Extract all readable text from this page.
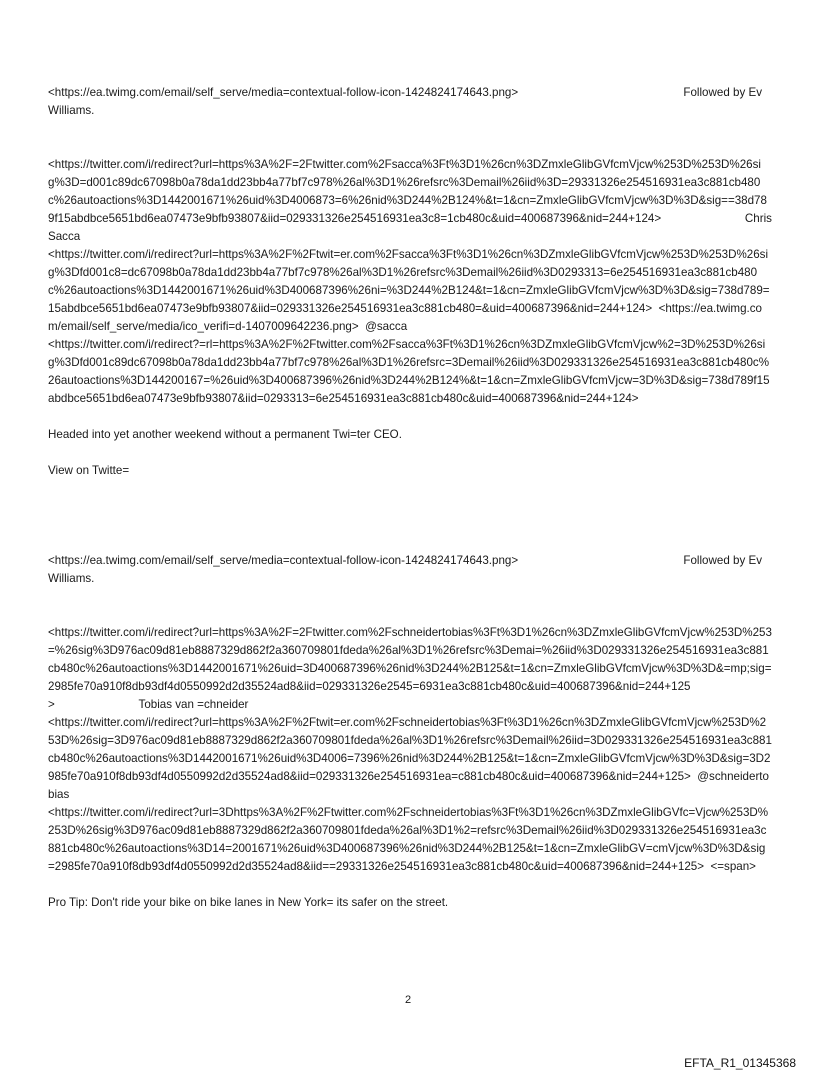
<https://ea.twimg.com/email/self_serve/media=contextual-follow-icon-1424824174643.png>	Followed by Ev

Williams.

<https://twitter.com/i/redirect?url=https%3A%2F=2Ftwitter.com%2Fsacca%3Ft%3D1%26cn%3DZmxleGlibGVfcmVjcw%253D%253D%26sig%3D=d001c89dc67098b0a78da1dd23bb4a77bf7c978%26al%3D1%26refsrc%3Demail%26iid%3D=29331326e254516931ea3c881cb480c%26autoactions%3D1442001671%26uid%3D4006873=6%26nid%3D244%2B124%&t=1&cn=ZmxleGlibGVfcmVjcw%3D%3D&sig==38d789f15abdbce5651bd6ea07473e9bfb93807&iid=029331326e254516931ea3c8=1cb480c&uid=400687396&nid=244+124>	Chris Sacca

<https://twitter.com/i/redirect?url=https%3A%2F%2Ftwit=er.com%2Fsacca%3Ft%3D1%26cn%3DZmxleGlibGVfcmVjcw%253D%253D%26sig%3Dfd001c8=dc67098b0a78da1dd23bb4a77bf7c978%26al%3D1%26refsrc%3Demail%26iid%3D0293313=6e254516931ea3c881cb480c%26autoactions%3D1442001671%26uid%3D400687396%26ni=%3D244%2B124&t=1&cn=ZmxleGlibGVfcmVjcw%3D%3D&sig=738d789=15abdbce5651bd6ea07473e9bfb93807&iid=029331326e254516931ea3c881cb480=&uid=400687396&nid=244+124> <https://ea.twimg.com/email/self_serve/media/ico_verifi=d-1407009642236.png> @sacca

<https://twitter.com/i/redirect?=rl=https%3A%2F%2Ftwitter.com%2Fsacca%3Ft%3D1%26cn%3DZmxleGlibGVfcmVjcw%2=3D%253D%26sig%3Dfd001c89dc67098b0a78da1dd23bb4a77bf7c978%26al%3D1%26refsrc=3Demail%26iid%3D029331326e254516931ea3c881cb480c%26autoactions%3D144200167=%26uid%3D400687396%26nid%3D244%2B124%&t=1&cn=ZmxleGlibGVfcmVjcw=3D%3D&sig=738d789f15abdbce5651bd6ea07473e9bfb93807&iid=0293313=6e254516931ea3c881cb480c&uid=400687396&nid=244+124>

Headed into yet another weekend without a permanent Twi=ter CEO.

View on Twitte=

<https://ea.twimg.com/email/self_serve/media=contextual-follow-icon-1424824174643.png>	Followed by Ev

Williams.

<https://twitter.com/i/redirect?url=https%3A%2F=2Ftwitter.com%2Fschneidertobias%3Ft%3D1%26cn%3DZmxleGlibGVfcmVjcw%253D%253=%26sig%3D976ac09d81eb8887329d862f2a360709801fdeda%26al%3D1%26refsrc%3Demai=%26iid%3D029331326e254516931ea3c881cb480c%26autoactions%3D1442001671%26uid=3D400687396%26nid%3D244%2B125&t=1&cn=ZmxleGlibGVfcmVjcw%3D%3D&=mp;sig=2985fe70a910f8db93df4d0550992d2d35524ad8&iid=029331326e2545=6931ea3c881cb480c&uid=400687396&nid=244+125>	Tobias van =chneider

<https://twitter.com/i/redirect?url=https%3A%2F%2Ftwit=er.com%2Fschneidertobias%3Ft%3D1%26cn%3DZmxleGlibGVfcmVjcw%253D%253D%26sig=3D976ac09d81eb8887329d862f2a360709801fdeda%26al%3D1%26refsrc%3Demail%26iid=3D029331326e254516931ea3c881cb480c%26autoactions%3D1442001671%26uid%3D4006=7396%26nid%3D244%2B125&t=1&cn=ZmxleGlibGVfcmVjcw%3D%3D&sig=3D2985fe70a910f8db93df4d0550992d2d35524ad8&iid=029331326e254516931ea=c881cb480c&uid=400687396&nid=244+125> @schneidertobias

<https://twitter.com/i/redirect?url=3Dhttps%3A%2F%2Ftwitter.com%2Fschneidertobias%3Ft%3D1%26cn%3DZmxleGlibGVfc=Vjcw%253D%253D%26sig%3D976ac09d81eb8887329d862f2a360709801fdeda%26al%3D1%2=refsrc%3Demail%26iid%3D029331326e254516931ea3c881cb480c%26autoactions%3D14=2001671%26uid%3D400687396%26nid%3D244%2B125&t=1&cn=ZmxleGlibGV=cmVjcw%3D%3D&sig=2985fe70a910f8db93df4d0550992d2d35524ad8&iid==29331326e254516931ea3c881cb480c&uid=400687396&nid=244+125> <=span>

Pro Tip: Don't ride your bike on bike lanes in New York= its safer on the street.

2
EFTA_R1_01345368
